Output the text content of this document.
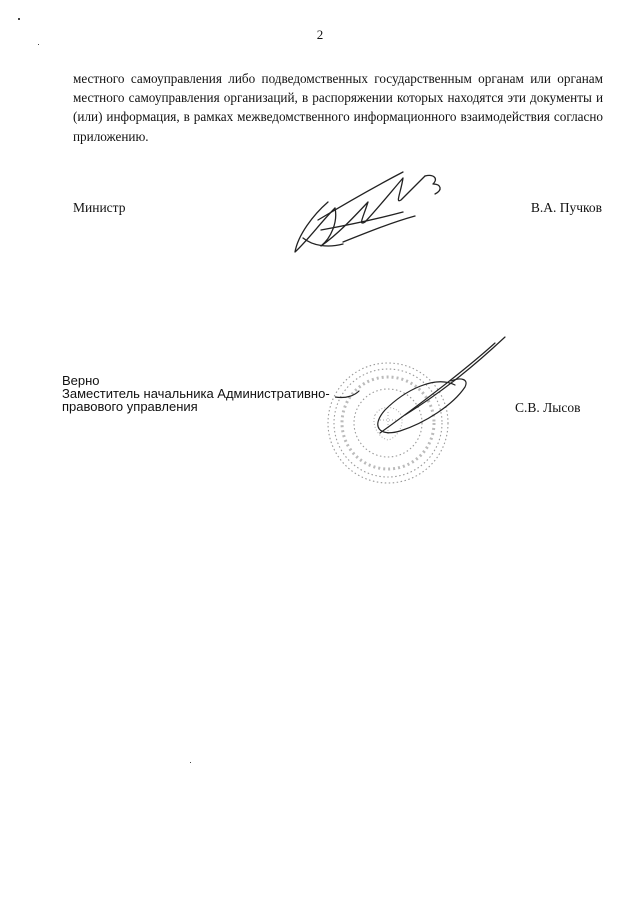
2

местного самоуправления либо подведомственных государственным органам или органам местного самоуправления организаций, в распоряжении которых находятся эти документы и (или) информация, в рамках межведомственного информационного взаимодействия согласно приложению.

Министр	В.А. Пучков
Верно
Заместитель начальника Административно-
правового управления	С.В. Лысов
